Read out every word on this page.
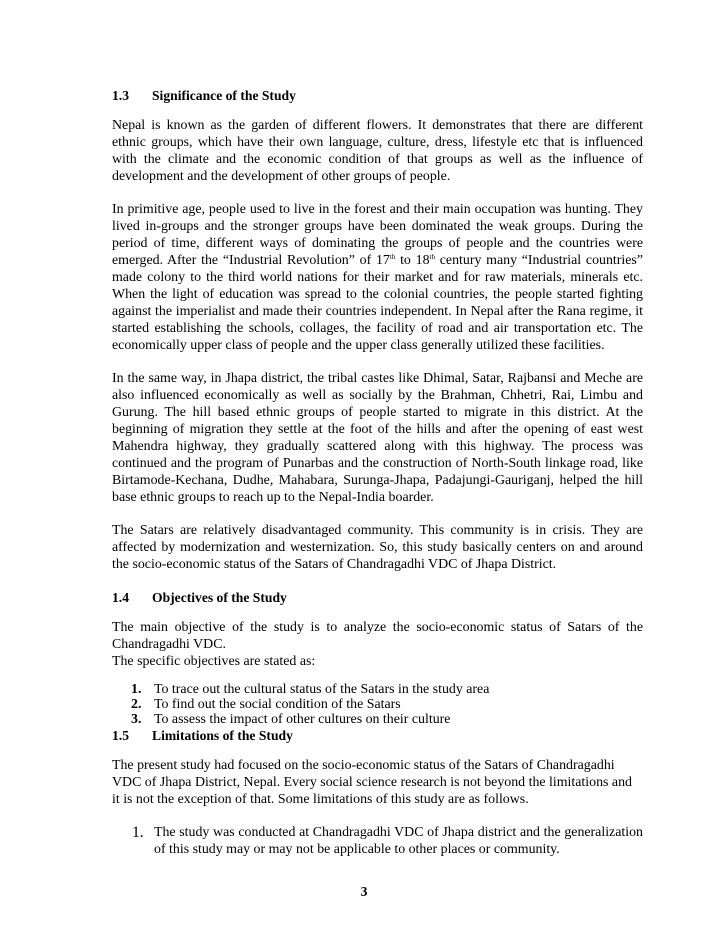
1.3 Significance of the Study

Nepal is known as the garden of different flowers. It demonstrates that there are different ethnic groups, which have their own language, culture, dress, lifestyle etc that is influenced with the climate and the economic condition of that groups as well as the influence of development and the development of other groups of people.

In primitive age, people used to live in the forest and their main occupation was hunting. They lived in-groups and the stronger groups have been dominated the weak groups. During the period of time, different ways of dominating the groups of people and the countries were emerged. After the “Industrial Revolution” of 17th to 18th century many “Industrial countries” made colony to the third world nations for their market and for raw materials, minerals etc. When the light of education was spread to the colonial countries, the people started fighting against the imperialist and made their countries independent. In Nepal after the Rana regime, it started establishing the schools, collages, the facility of road and air transportation etc. The economically upper class of people and the upper class generally utilized these facilities.

In the same way, in Jhapa district, the tribal castes like Dhimal, Satar, Rajbansi and Meche are also influenced economically as well as socially by the Brahman, Chhetri, Rai, Limbu and Gurung. The hill based ethnic groups of people started to migrate in this district. At the beginning of migration they settle at the foot of the hills and after the opening of east west Mahendra highway, they gradually scattered along with this highway. The process was continued and the program of Punarbas and the construction of North-South linkage road, like Birtamode-Kechana, Dudhe, Mahabara, Surunga-Jhapa, Padajungi-Gauriganj, helped the hill base ethnic groups to reach up to the Nepal-India boarder.

The Satars are relatively disadvantaged community. This community is in crisis. They are affected by modernization and westernization. So, this study basically centers on and around the socio-economic status of the Satars of Chandragadhi VDC of Jhapa District.

1.4 Objectives of the Study

The main objective of the study is to analyze the socio-economic status of Satars of the Chandragadhi VDC.

The specific objectives are stated as:

1. To trace out the cultural status of the Satars in the study area
2. To find out the social condition of the Satars
3. To assess the impact of other cultures on their culture
1.5 Limitations of the Study

The present study had focused on the socio-economic status of the Satars of Chandragadhi VDC of Jhapa District, Nepal. Every social science research is not beyond the limitations and it is not the exception of that. Some limitations of this study are as follows.

1. The study was conducted at Chandragadhi VDC of Jhapa district and the generalization of this study may or may not be applicable to other places or community.
3
